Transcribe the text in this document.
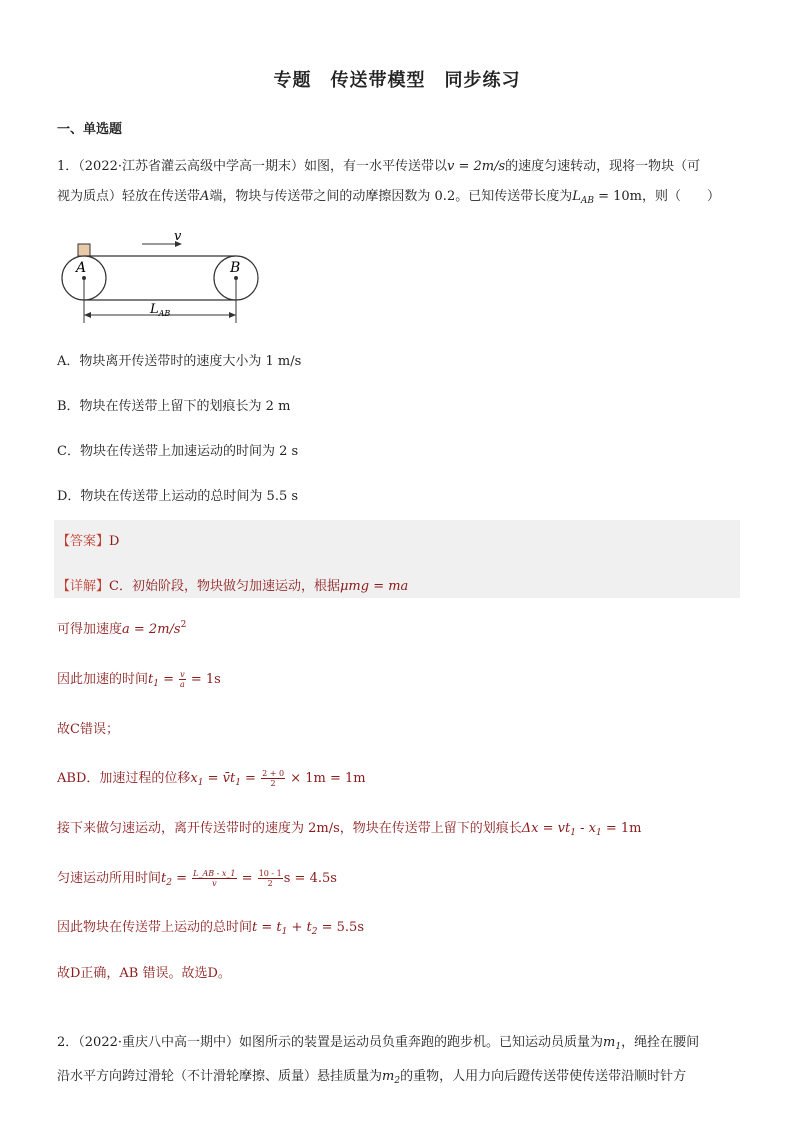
专题　传送带模型　同步练习
一、单选题
1．（2022·江苏省灌云高级中学高一期末）如图，有一水平传送带以v = 2m/s的速度匀速转动，现将一物块（可
视为质点）轻放在传送带A端，物块与传送带之间的动摩擦因数为 0.2。已知传送带长度为$L_{AB} = 10m$，则（　　）
v
A	B
$L_{AB}$
A．物块离开传送带时的速度大小为 1 m/s
B．物块在传送带上留下的划痕长为 2 m
C．物块在传送带上加速运动的时间为 2 s
D．物块在传送带上运动的总时间为 5.5 s
【答案】D
【详解】C．初始阶段，物块做匀加速运动，根据μmg = ma
可得加速度$a = 2m/s^2$
因此加速的时间$t_1 = \frac{v}{a} = 1s$
故C错误；
ABD．加速过程的位移$x_1$ = $v̄t_1 = \frac{2 + 0}{2} \times 1m = 1m$
接下来做匀速运动，离开传送带时的速度为 2m/s，物块在传送带上留下的划痕长$\Delta x = vt_1 - x_1 = 1m$
匀速运动所用时间$t_2 = \frac{L\_AB - x\_1}{v} = \frac{10 - 1}{2}$ s = 4.5s
因此物块在传送带上运动的总时间$t = t_1 + t_2 = 5.5s$
故D正确，AB 错误。故选D。
2．（2022·重庆八中高一期中）如图所示的装置是运动员负重奔跑的跑步机。已知运动员质量为$m_1$，绳拴在腰间
沿水平方向跨过滑轮（不计滑轮摩擦、质量）悬挂质量为$m_2$的重物，人用力向后蹬传送带使传送带沿顺时针方
